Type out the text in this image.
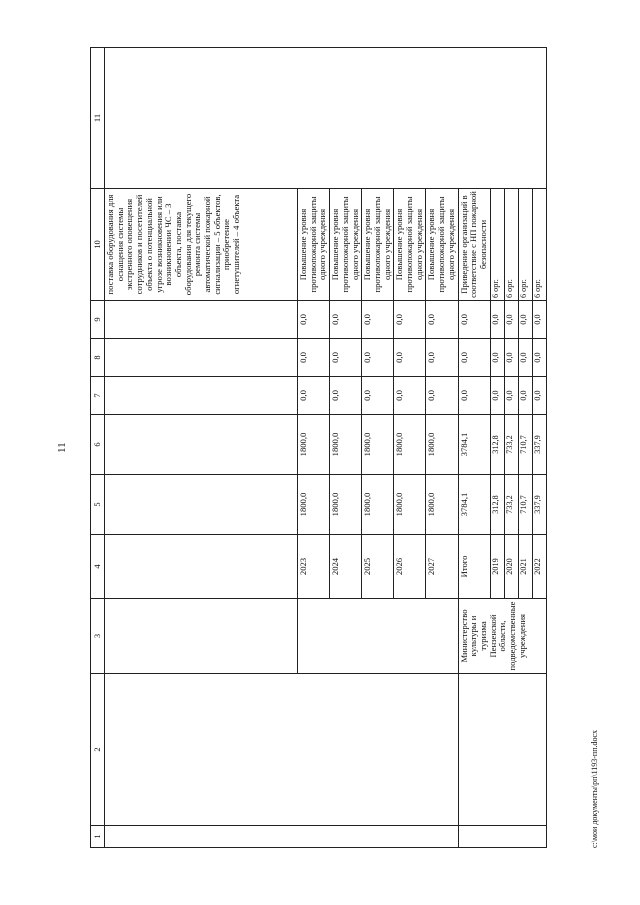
11
1	2	3	4	5	6	7	8	9	10	11
									поставка оборудования для оснащения системы экстренного оповещения сотрудников и посетителей объекта о потенциальной угрозе возникновения или возникновении ЧС – 3 объекта, поставка оборудования для текущего ремонта системы автоматической пожарной сигнализации – 5 объектов, приобретение огнетушителей – 4 объекта	
			2023	1800,0	1800,0	0,0	0,0	0,0	Повышение уровня противопожарной защиты одного учреждения	
			2024	1800,0	1800,0	0,0	0,0	0,0	Повышение уровня противопожарной защиты одного учреждения	
			2025	1800,0	1800,0	0,0	0,0	0,0	Повышение уровня противопожарной защиты одного учреждения	
			2026	1800,0	1800,0	0,0	0,0	0,0	Повышение уровня противопожарной защиты одного учреждения	
			2027	1800,0	1800,0	0,0	0,0	0,0	Повышение уровня противопожарной защиты одного учреждения	
		Министерство культуры и туризма Пензенской области, подведомственные учреждения	Итого	3784,1	3784,1	0,0	0,0	0,0	Приведение организаций в соответствие с НП пожарной безопасности	
			2019	312,8	312,8	0,0	0,0	0,0	6 орг.	
			2020	733,2	733,2	0,0	0,0	0,0	6 орг.	
			2021	710,7	710,7	0,0	0,0	0,0	6 орг.	
			2022	337,9	337,9	0,0	0,0	0,0	6 орг.	
c:\мои документы\рп\1193-пп.docx
